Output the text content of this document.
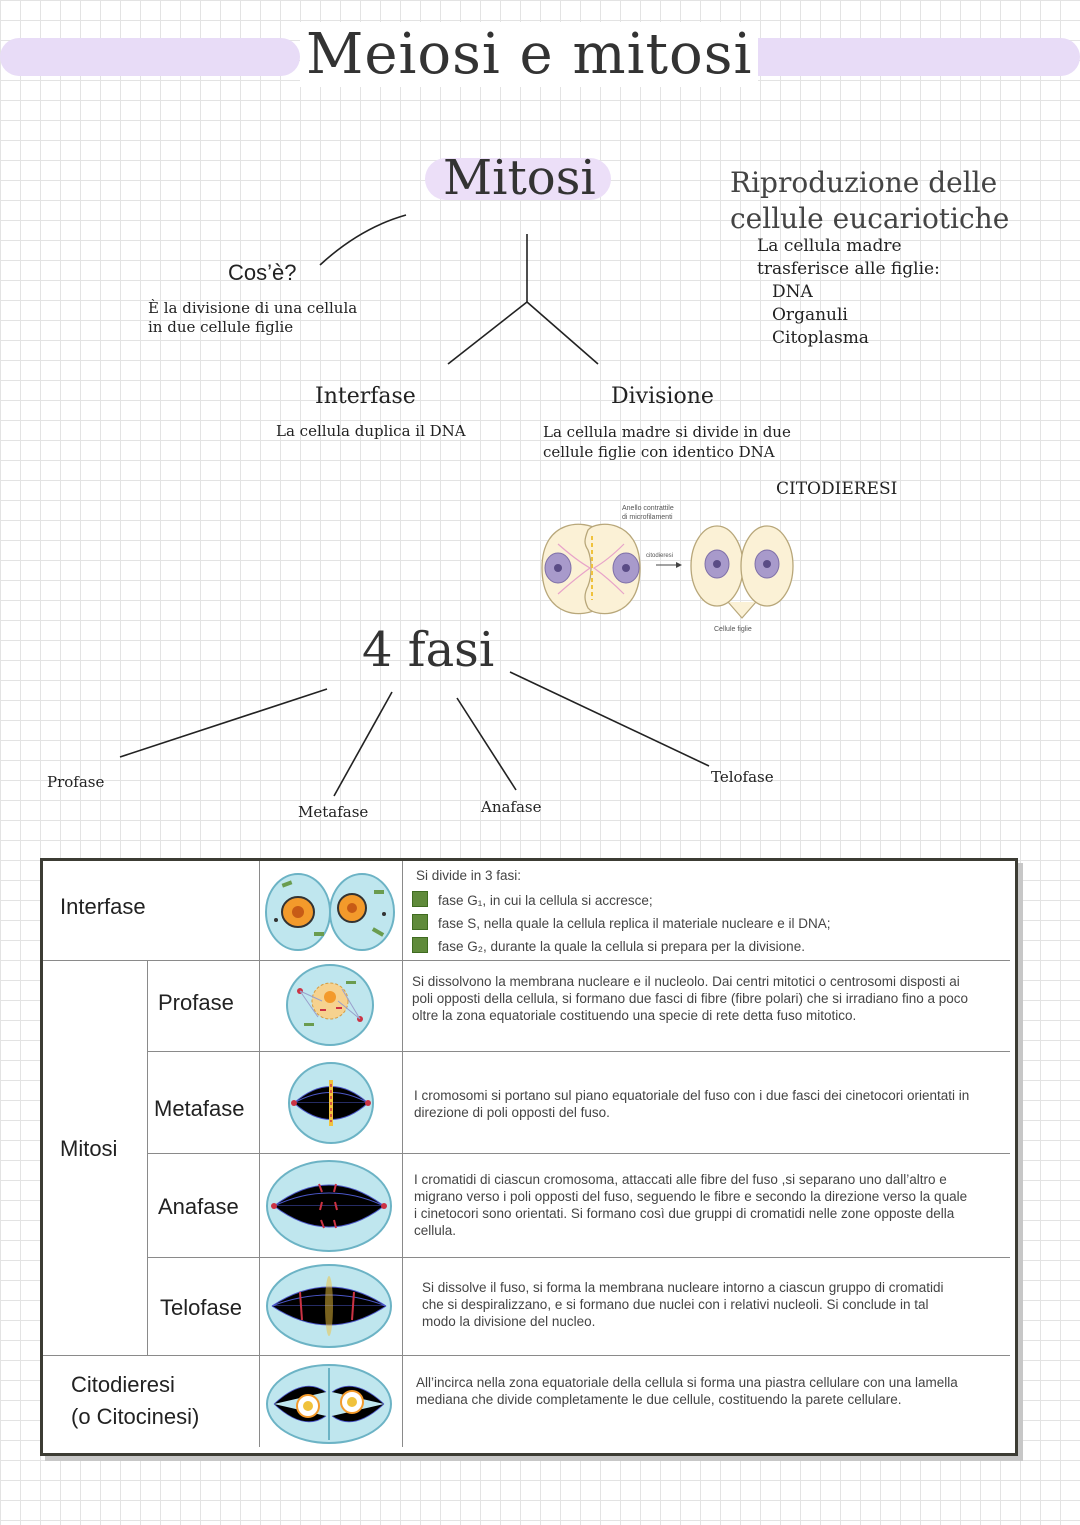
Meiosi e mitosi
Mitosi	Riproduzione delle
cellule eucariotiche
La cellula madre
trasferisce alle figlie:
DNA
Organuli
Citoplasma
Cos’è?
È la divisione di una cellula
in due cellule figlie
Interfase
La cellula duplica il DNA
Divisione
La cellula madre si divide in due
cellule figlie con identico DNA
CITODIERESI
Anello contrattile
di microfilamenti
citodieresi
Cellule figlie
4 fasi
Profase
Metafase	Anafase
Telofase
Interfase
Mitosi
Profase
Metafase
Anafase
Telofase
Citodieresi
(o Citocinesi)
Si divide in 3 fasi:
fase G₁, in cui la cellula si accresce;
fase S, nella quale la cellula replica il materiale nucleare e il DNA;
fase G₂, durante la quale la cellula si prepara per la divisione.
Si dissolvono la membrana nucleare e il nucleolo. Dai centri mitotici o centrosomi disposti ai poli opposti della cellula, si formano due fasci di fibre (fibre polari) che si irradiano fino a poco oltre la zona equatoriale costituendo una specie di rete detta fuso mitotico.
I cromosomi si portano sul piano equatoriale del fuso con i due fasci dei cinetocori orientati in direzione di poli opposti del fuso.
I cromatidi di ciascun cromosoma, attaccati alle fibre del fuso ,si separano uno dall’altro e migrano verso i poli opposti del fuso, seguendo le fibre e secondo la direzione verso la quale i cinetocori sono orientati. Si formano così due gruppi di cromatidi nelle zone opposte della cellula.
Si dissolve il fuso, si forma la membrana nucleare intorno a ciascun gruppo di cromatidi che si despiralizzano, e si formano due nuclei con i relativi nucleoli. Si conclude in tal modo la divisione del nucleo.
All’incirca nella zona equatoriale della cellula si forma una piastra cellulare con una lamella mediana che divide completamente le due cellule, costituendo la parete cellulare.
